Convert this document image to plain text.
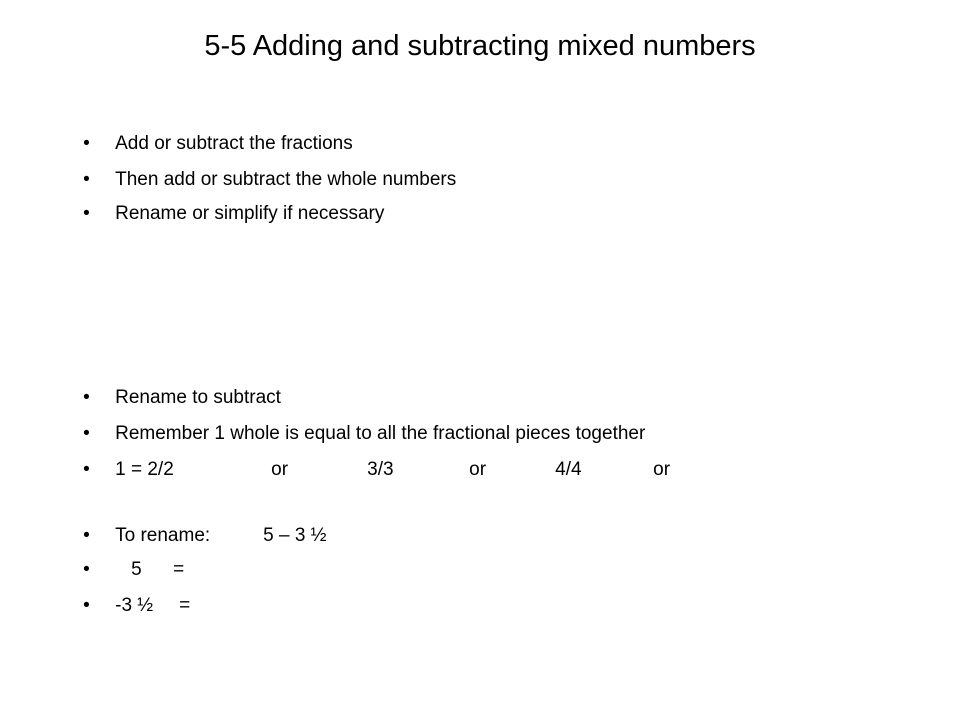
5-5 Adding and subtracting mixed numbers

• Add or subtract the fractions

• Then add or subtract the whole numbers

• Rename or simplify if necessary

• Rename to subtract

• Remember 1 whole is equal to all the fractional pieces together

• 1 = 2/2	or	3/3	or	4/4	or

• To rename:	5 – 3 ½

• 5 =

• -3 ½ =
